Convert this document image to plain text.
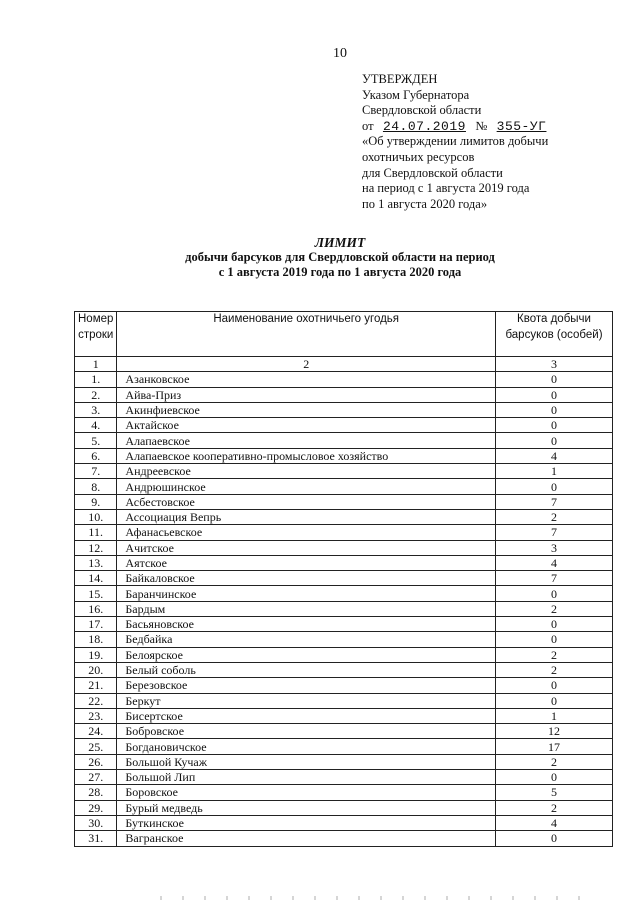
10
УТВЕРЖДЕН
Указом Губернатора
Свердловской области
от 24.07.2019 № 355-УГ
«Об утверждении лимитов добычи
охотничьих ресурсов
для Свердловской области
на период с 1 августа 2019 года
по 1 августа 2020 года»
ЛИМИТ
добычи барсуков для Свердловской области на период
с 1 августа 2019 года по 1 августа 2020 года
Номер строки	Наименование охотничьего угодья	Квота добычи барсуков (особей)
1	2	3
1.	Азанковское	0
2.	Айва-Приз	0
3.	Акинфиевское	0
4.	Актайское	0
5.	Алапаевское	0
6.	Алапаевское кооперативно-промысловое хозяйство	4
7.	Андреевское	1
8.	Андрюшинское	0
9.	Асбестовское	7
10.	Ассоциация Вепрь	2
11.	Афанасьевское	7
12.	Ачитское	3
13.	Аятское	4
14.	Байкаловское	7
15.	Баранчинское	0
16.	Бардым	2
17.	Басьяновское	0
18.	Бедбайка	0
19.	Белоярское	2
20.	Белый соболь	2
21.	Березовское	0
22.	Беркут	0
23.	Бисертское	1
24.	Бобровское	12
25.	Богдановичское	17
26.	Большой Кучаж	2
27.	Большой Лип	0
28.	Боровское	5
29.	Бурый медведь	2
30.	Буткинское	4
31.	Вагранское	0
